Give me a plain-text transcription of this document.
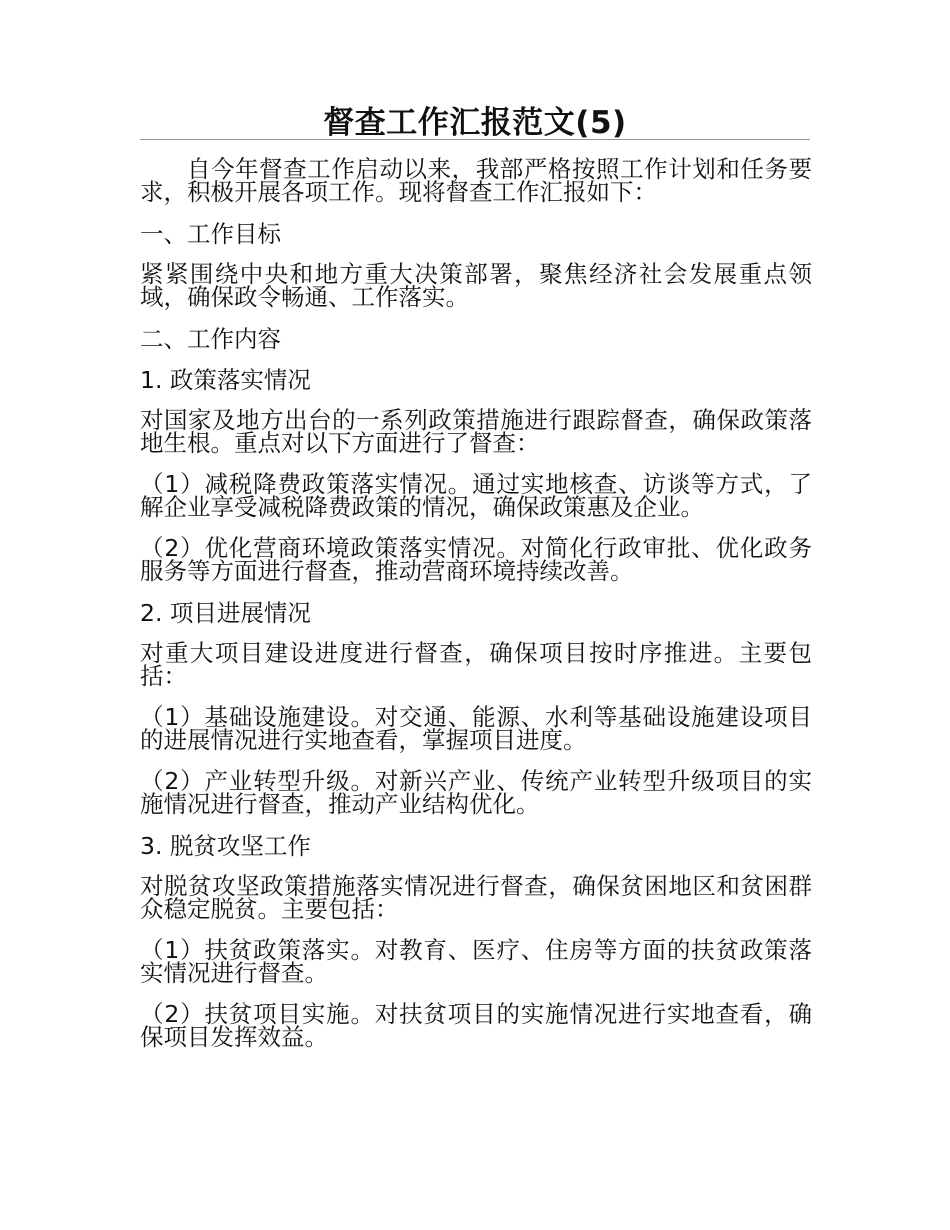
督查工作汇报范文(5)

自今年督查工作启动以来，我部严格按照工作计划和任务要求，积极开展各项工作。现将督查工作汇报如下：

一、工作目标

紧紧围绕中央和地方重大决策部署，聚焦经济社会发展重点领域，确保政令畅通、工作落实。

二、工作内容
1. 政策落实情况

对国家及地方出台的一系列政策措施进行跟踪督查，确保政策落地生根。重点对以下方面进行了督查：

（1）减税降费政策落实情况。通过实地核查、访谈等方式，了解企业享受减税降费政策的情况，确保政策惠及企业。

（2）优化营商环境政策落实情况。对简化行政审批、优化政务服务等方面进行督查，推动营商环境持续改善。

2. 项目进展情况

对重大项目建设进度进行督查，确保项目按时序推进。主要包括：

（1）基础设施建设。对交通、能源、水利等基础设施建设项目的进展情况进行实地查看，掌握项目进度。

（2）产业转型升级。对新兴产业、传统产业转型升级项目的实施情况进行督查，推动产业结构优化。

3. 脱贫攻坚工作

对脱贫攻坚政策措施落实情况进行督查，确保贫困地区和贫困群众稳定脱贫。主要包括：

（1）扶贫政策落实。对教育、医疗、住房等方面的扶贫政策落实情况进行督查。

（2）扶贫项目实施。对扶贫项目的实施情况进行实地查看，确保项目发挥效益。
